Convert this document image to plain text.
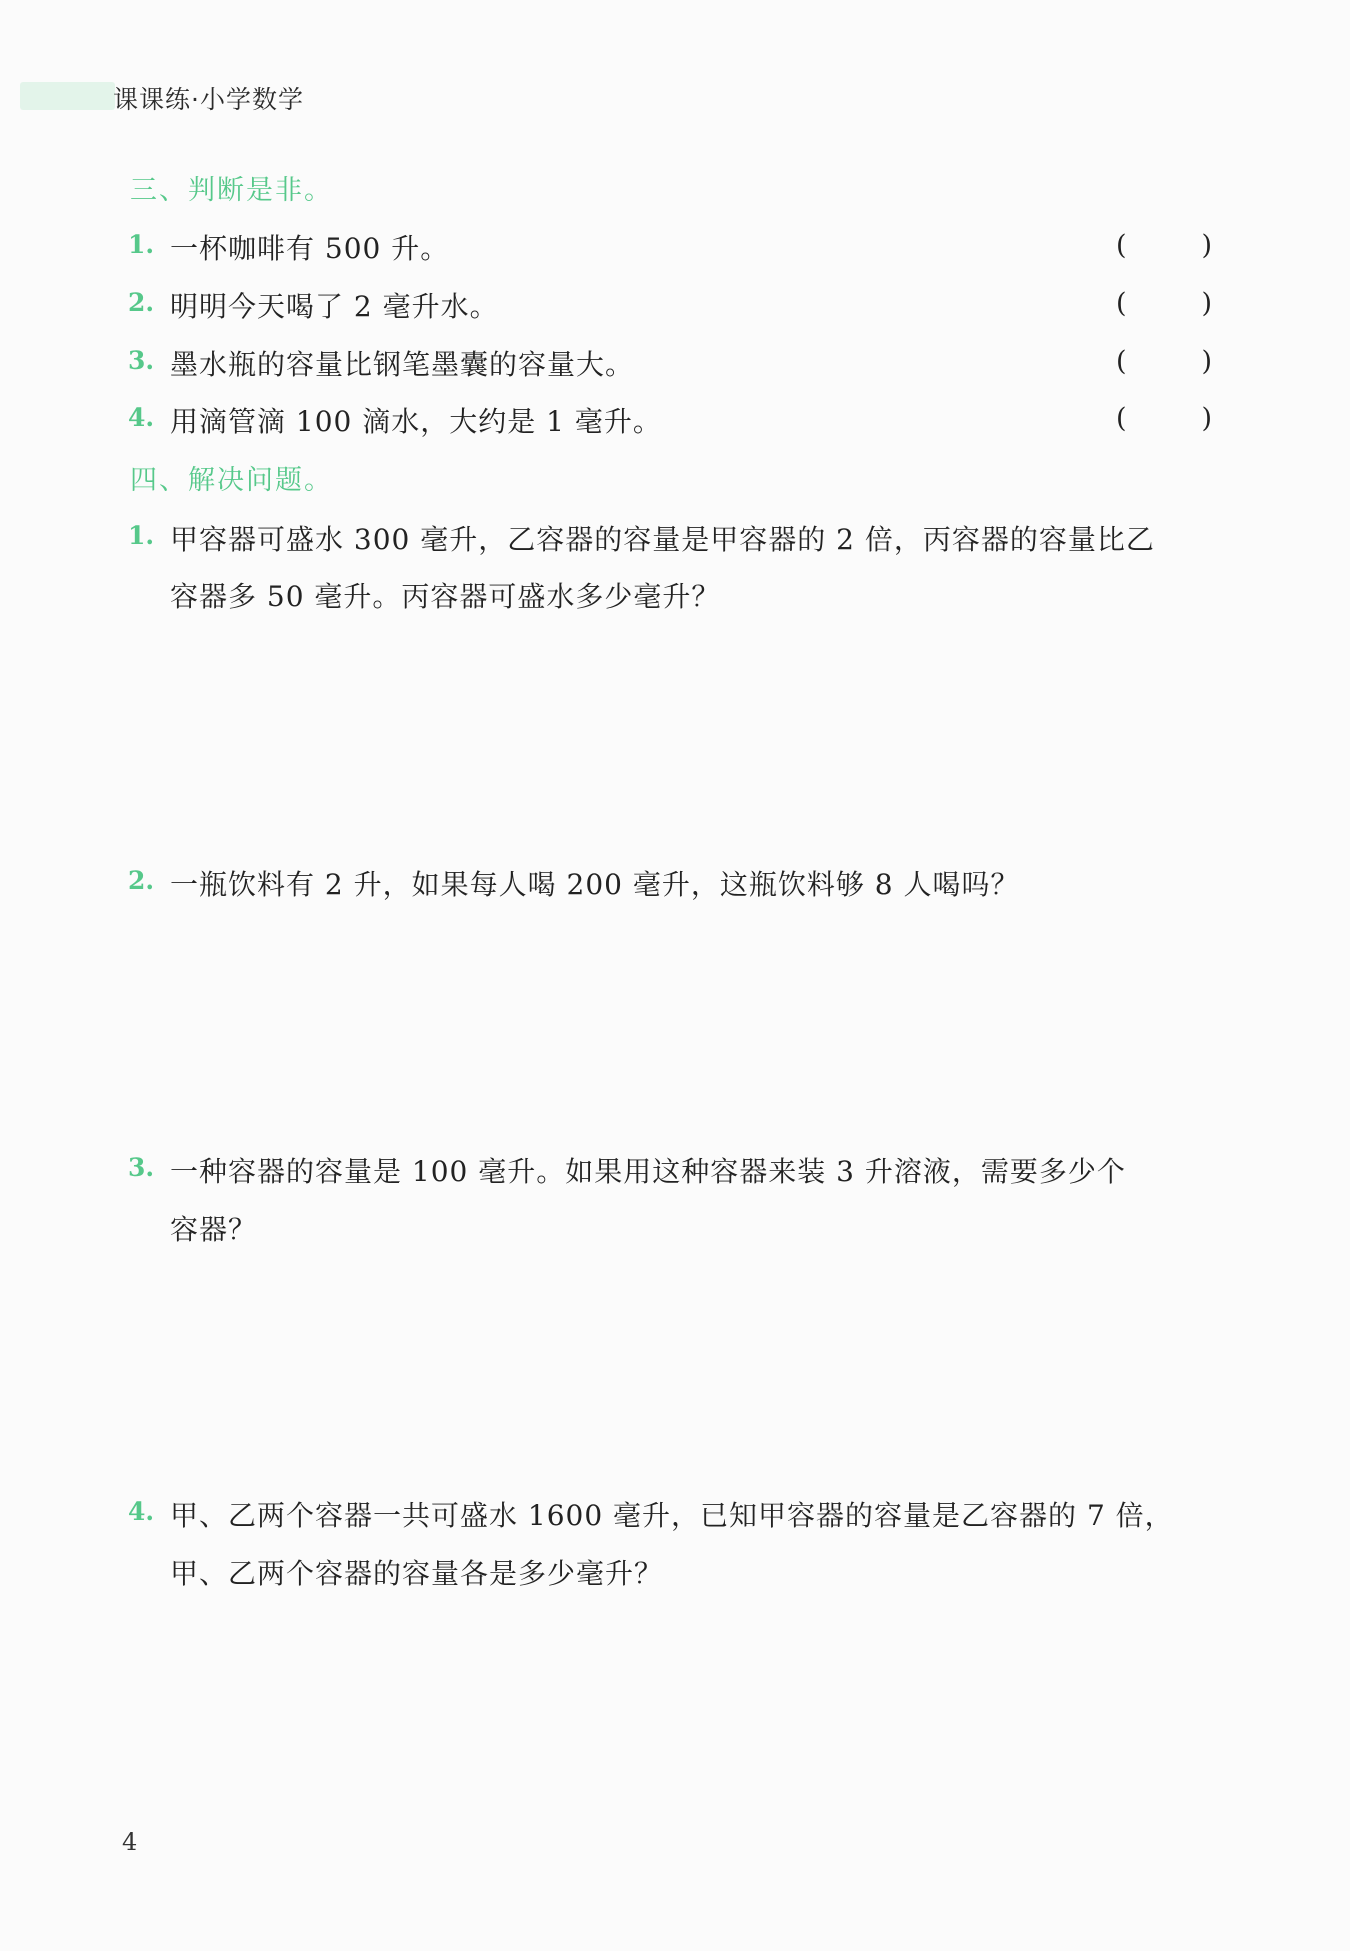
课课练·小学数学
三、判断是非。
1. 一杯咖啡有 500 升。	(	)
2. 明明今天喝了 2 毫升水。	(	)
3. 墨水瓶的容量比钢笔墨囊的容量大。	(	)
4. 用滴管滴 100 滴水，大约是 1 毫升。	(	)
四、解决问题。
1. 甲容器可盛水 300 毫升，乙容器的容量是甲容器的 2 倍，丙容器的容量比乙
容器多 50 毫升。丙容器可盛水多少毫升？
2. 一瓶饮料有 2 升，如果每人喝 200 毫升，这瓶饮料够 8 人喝吗？
3. 一种容器的容量是 100 毫升。如果用这种容器来装 3 升溶液，需要多少个
容器？
4. 甲、乙两个容器一共可盛水 1600 毫升，已知甲容器的容量是乙容器的 7 倍，
甲、乙两个容器的容量各是多少毫升？
4
